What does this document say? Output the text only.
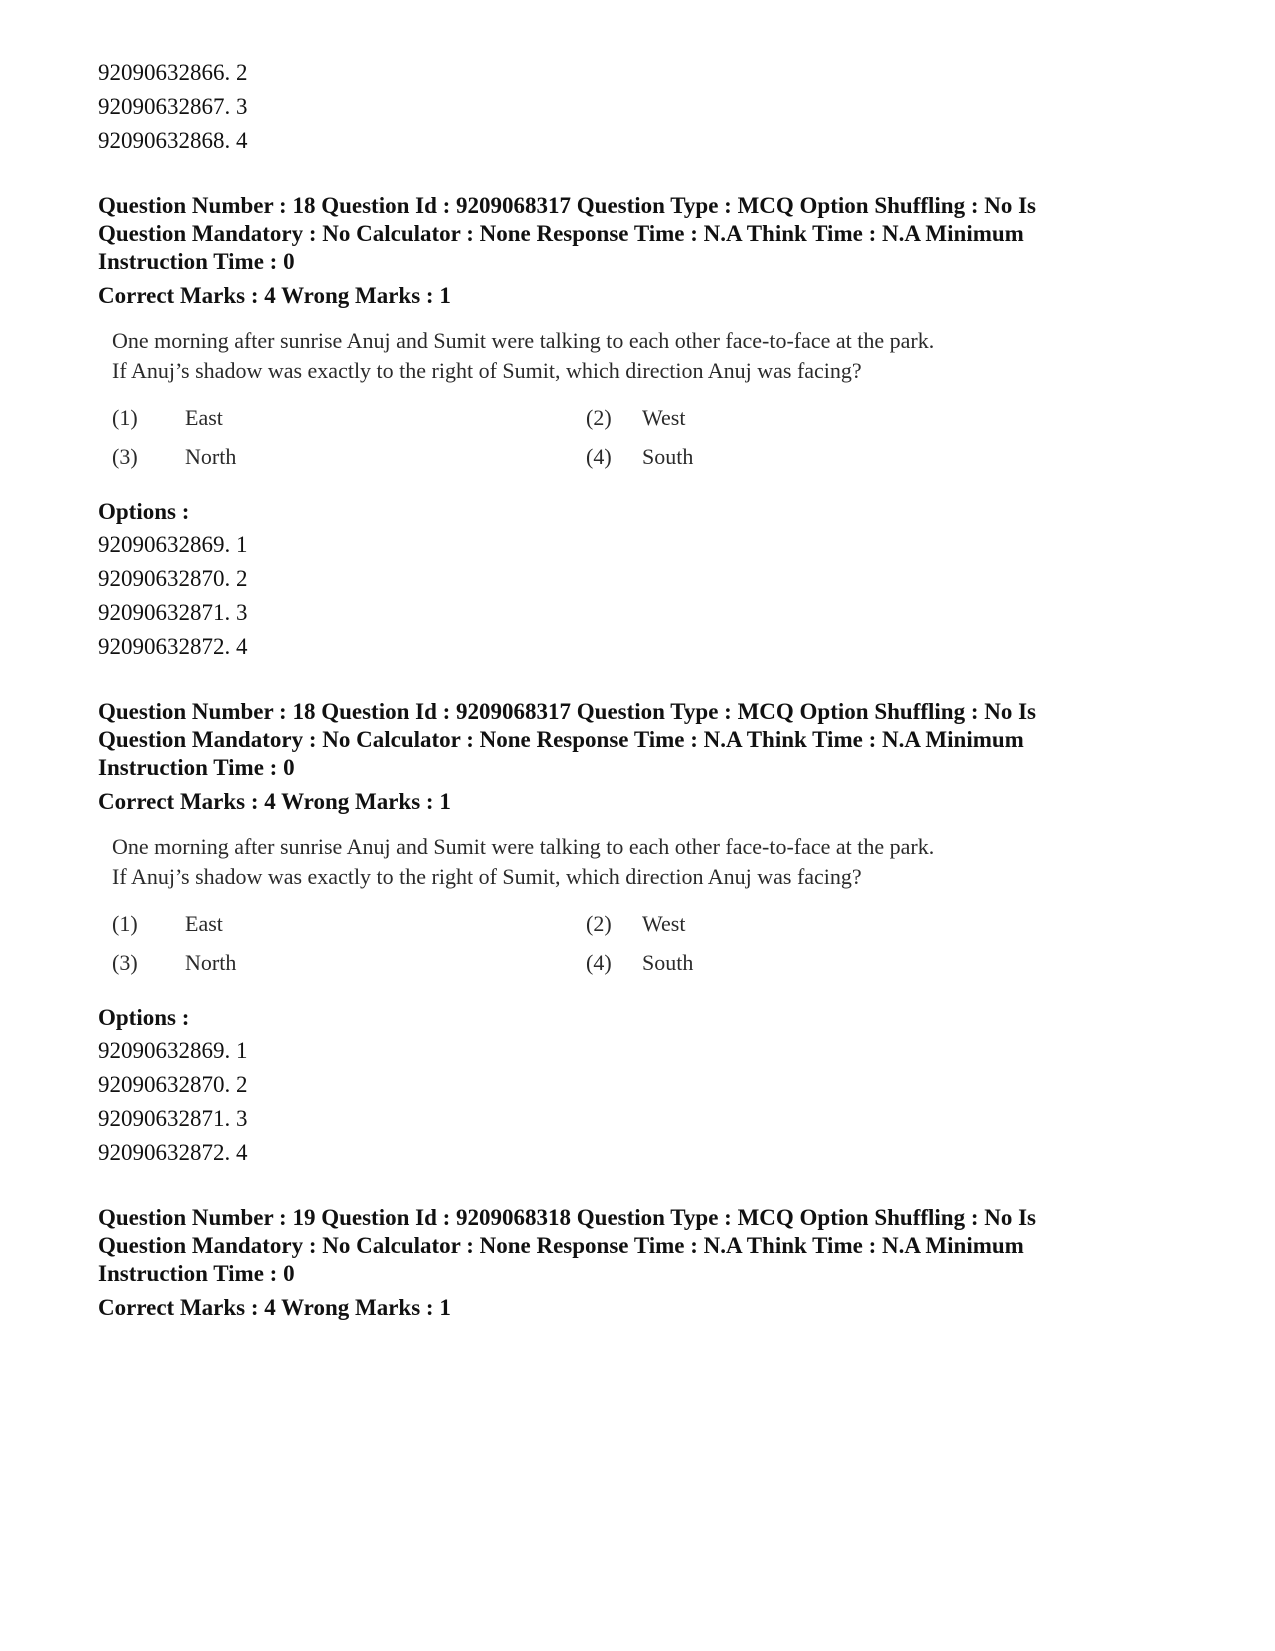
92090632866. 2
92090632867. 3
92090632868. 4
Question Number : 18 Question Id : 9209068317 Question Type : MCQ Option Shuffling : No Is Question Mandatory : No Calculator : None Response Time : N.A Think Time : N.A Minimum Instruction Time : 0
Correct Marks : 4 Wrong Marks : 1
One morning after sunrise Anuj and Sumit were talking to each other face-to-face at the park.
If Anuj’s shadow was exactly to the right of Sumit, which direction Anuj was facing?
(1)	East	(2)	West
(3)	North	(4)	South
Options :
92090632869. 1
92090632870. 2
92090632871. 3
92090632872. 4
Question Number : 18 Question Id : 9209068317 Question Type : MCQ Option Shuffling : No Is Question Mandatory : No Calculator : None Response Time : N.A Think Time : N.A Minimum Instruction Time : 0
Correct Marks : 4 Wrong Marks : 1
One morning after sunrise Anuj and Sumit were talking to each other face-to-face at the park.
If Anuj’s shadow was exactly to the right of Sumit, which direction Anuj was facing?
(1)	East	(2)	West
(3)	North	(4)	South
Options :
92090632869. 1
92090632870. 2
92090632871. 3
92090632872. 4
Question Number : 19 Question Id : 9209068318 Question Type : MCQ Option Shuffling : No Is Question Mandatory : No Calculator : None Response Time : N.A Think Time : N.A Minimum Instruction Time : 0
Correct Marks : 4 Wrong Marks : 1
